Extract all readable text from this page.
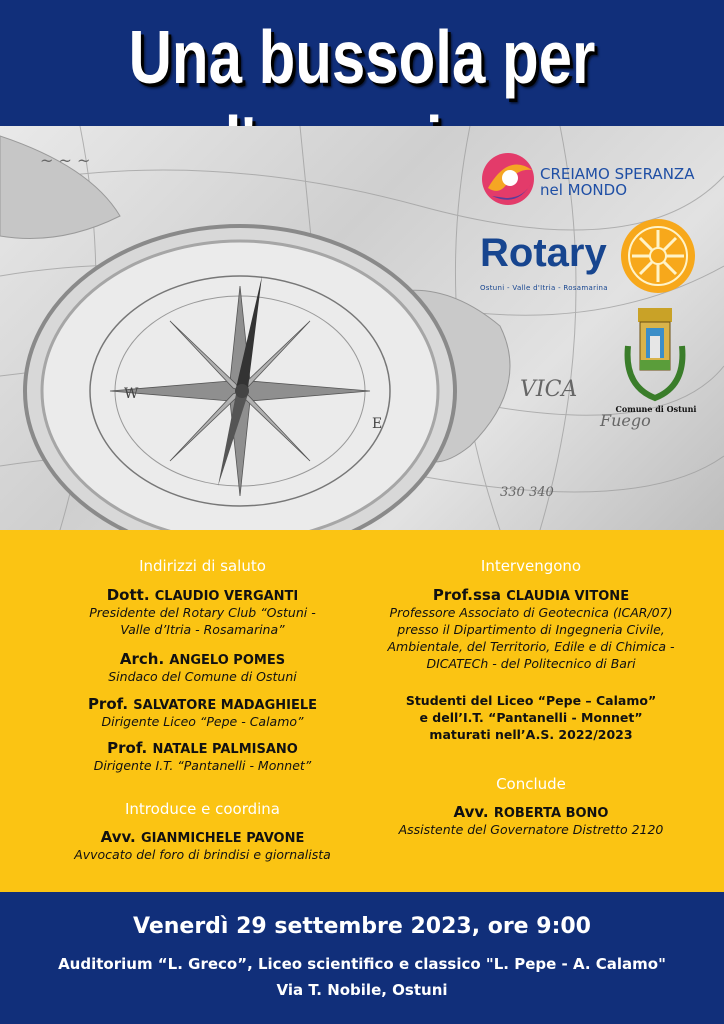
Una bussola per
W
E
~ ~ ~
VICA
Fuego
330 340
CREIAMO SPERANZA
nel MONDO
Rotary
Ostuni - Valle d'Itria - Rosamarina
Comune di Ostuni
Indirizzi di saluto
Dott. CLAUDIO VERGANTI
Presidente del Rotary Club “Ostuni -
Valle d’Itria - Rosamarina”
Arch. ANGELO POMES
Sindaco del Comune di Ostuni
Prof. SALVATORE MADAGHIELE
Dirigente Liceo “Pepe - Calamo”
Prof. NATALE PALMISANO
Dirigente I.T. “Pantanelli - Monnet”
Introduce e coordina
Avv. GIANMICHELE PAVONE
Avvocato del foro di brindisi e giornalista
Intervengono
Prof.ssa CLAUDIA VITONE
Professore Associato di Geotecnica (ICAR/07)
presso il Dipartimento di Ingegneria Civile,
Ambientale, del Territorio, Edile e di Chimica -
DICATECh - del Politecnico di Bari
Studenti del Liceo “Pepe – Calamo”
e dell’I.T. “Pantanelli - Monnet”
maturati nell’A.S. 2022/2023
Conclude
Avv. ROBERTA BONO
Assistente del Governatore Distretto 2120
Venerdì 29 settembre 2023, ore 9:00
Auditorium “L. Greco”, Liceo scientifico e classico "L. Pepe - A. Calamo"
Via T. Nobile, Ostuni
